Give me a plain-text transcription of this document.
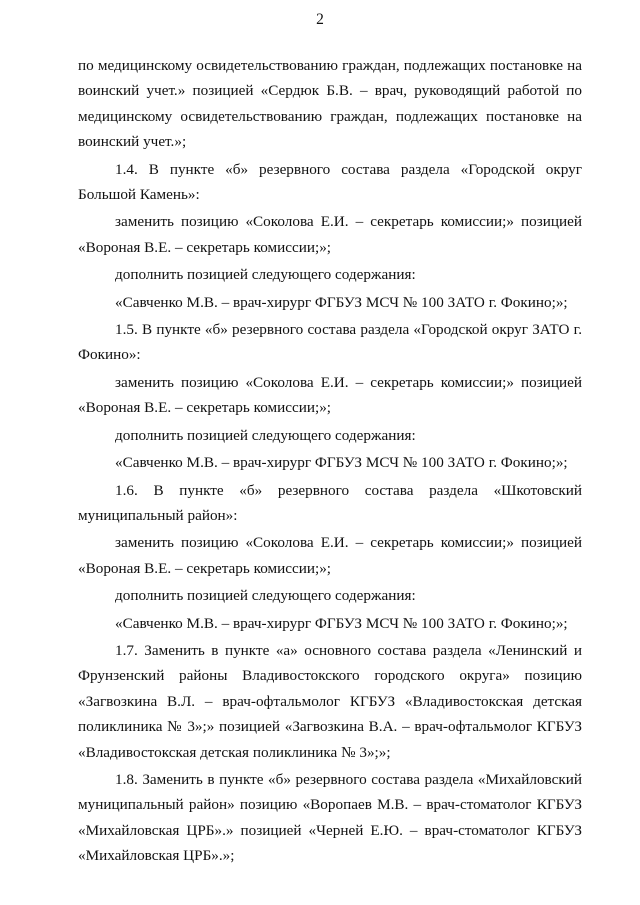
2

по медицинскому освидетельствованию граждан, подлежащих постановке на воинский учет.» позицией «Сердюк Б.В. – врач, руководящий работой по медицинскому освидетельствованию граждан, подлежащих постановке на воинский учет.»;

1.4. В пункте «б» резервного состава раздела «Городской округ Большой Камень»:

заменить позицию «Соколова Е.И. – секретарь комиссии;» позицией «Вороная В.Е. – секретарь комиссии;»;

дополнить позицией следующего содержания:

«Савченко М.В. – врач-хирург ФГБУЗ МСЧ № 100 ЗАТО г. Фокино;»;

1.5. В пункте «б» резервного состава раздела «Городской округ ЗАТО г. Фокино»:

заменить позицию «Соколова Е.И. – секретарь комиссии;» позицией «Вороная В.Е. – секретарь комиссии;»;

дополнить позицией следующего содержания:

«Савченко М.В. – врач-хирург ФГБУЗ МСЧ № 100 ЗАТО г. Фокино;»;

1.6. В пункте «б» резервного состава раздела «Шкотовский муниципальный район»:

заменить позицию «Соколова Е.И. – секретарь комиссии;» позицией «Вороная В.Е. – секретарь комиссии;»;

дополнить позицией следующего содержания:

«Савченко М.В. – врач-хирург ФГБУЗ МСЧ № 100 ЗАТО г. Фокино;»;

1.7. Заменить в пункте «а» основного состава раздела «Ленинский и Фрунзенский районы Владивостокского городского округа» позицию «Загвозкина В.Л. – врач-офтальмолог КГБУЗ «Владивостокская детская поликлиника № 3»;» позицией «Загвозкина В.А. – врач-офтальмолог КГБУЗ «Владивостокская детская поликлиника № 3»;»;

1.8. Заменить в пункте «б» резервного состава раздела «Михайловский муниципальный район» позицию «Воропаев М.В. – врач-стоматолог КГБУЗ «Михайловская ЦРБ».» позицией «Черней Е.Ю. – врач-стоматолог КГБУЗ «Михайловская ЦРБ».»;
